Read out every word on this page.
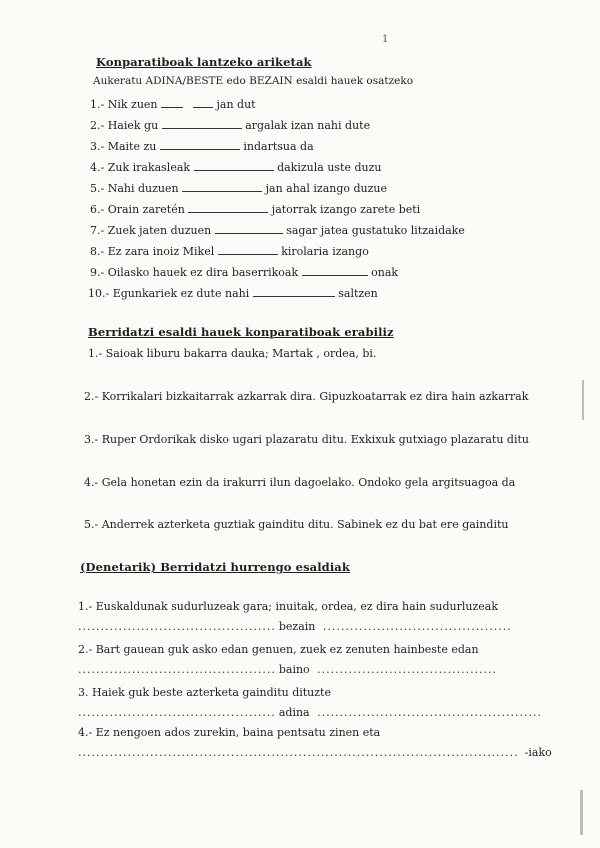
1
Konparatiboak lantzeko ariketak
Aukeratu ADINA/BESTE edo BEZAIN esaldi hauek osatzeko
1.- Nik zuen	jan dut
2.- Haiek gu	argalak izan nahi dute
3.- Maite zu	indartsua da
4.- Zuk irakasleak	dakizula uste duzu
5.- Nahi duzuen	jan ahal izango duzue
6.- Orain zaretén	jatorrak izango zarete beti
7.- Zuek jaten duzuen	sagar jatea gustatuko litzaidake
8.- Ez zara inoiz Mikel	kirolaria izango
9.- Oilasko hauek ez dira baserrikoak	onak
10.- Egunkariek ez dute nahi	saltzen
Berridatzi esaldi hauek konparatiboak erabiliz
1.- Saioak liburu bakarra dauka; Martak , ordea, bi.
2.- Korrikalari bizkaitarrak azkarrak dira. Gipuzkoatarrak ez dira hain azkarrak
3.- Ruper Ordorikak disko ugari plazaratu ditu. Exkixuk gutxiago plazaratu ditu
4.- Gela honetan ezin da irakurri ilun dagoelako. Ondoko gela argitsuagoa da
5.- Anderrek azterketa guztiak gainditu ditu. Sabinek ez du bat ere gainditu
(Denetarik) Berridatzi hurrengo esaldiak
1.- Euskaldunak sudurluzeak gara; inuitak, ordea, ez dira hain sudurluzeak
............................................ bezain ..........................................
2.- Bart gauean guk asko edan genuen, zuek ez zenuten hainbeste edan
............................................ baino ........................................
3. Haiek guk beste azterketa gainditu dituzte
............................................ adina ..................................................
4.- Ez nengoen ados zurekin, baina pentsatu zinen eta
.................................................................................................. -iako
